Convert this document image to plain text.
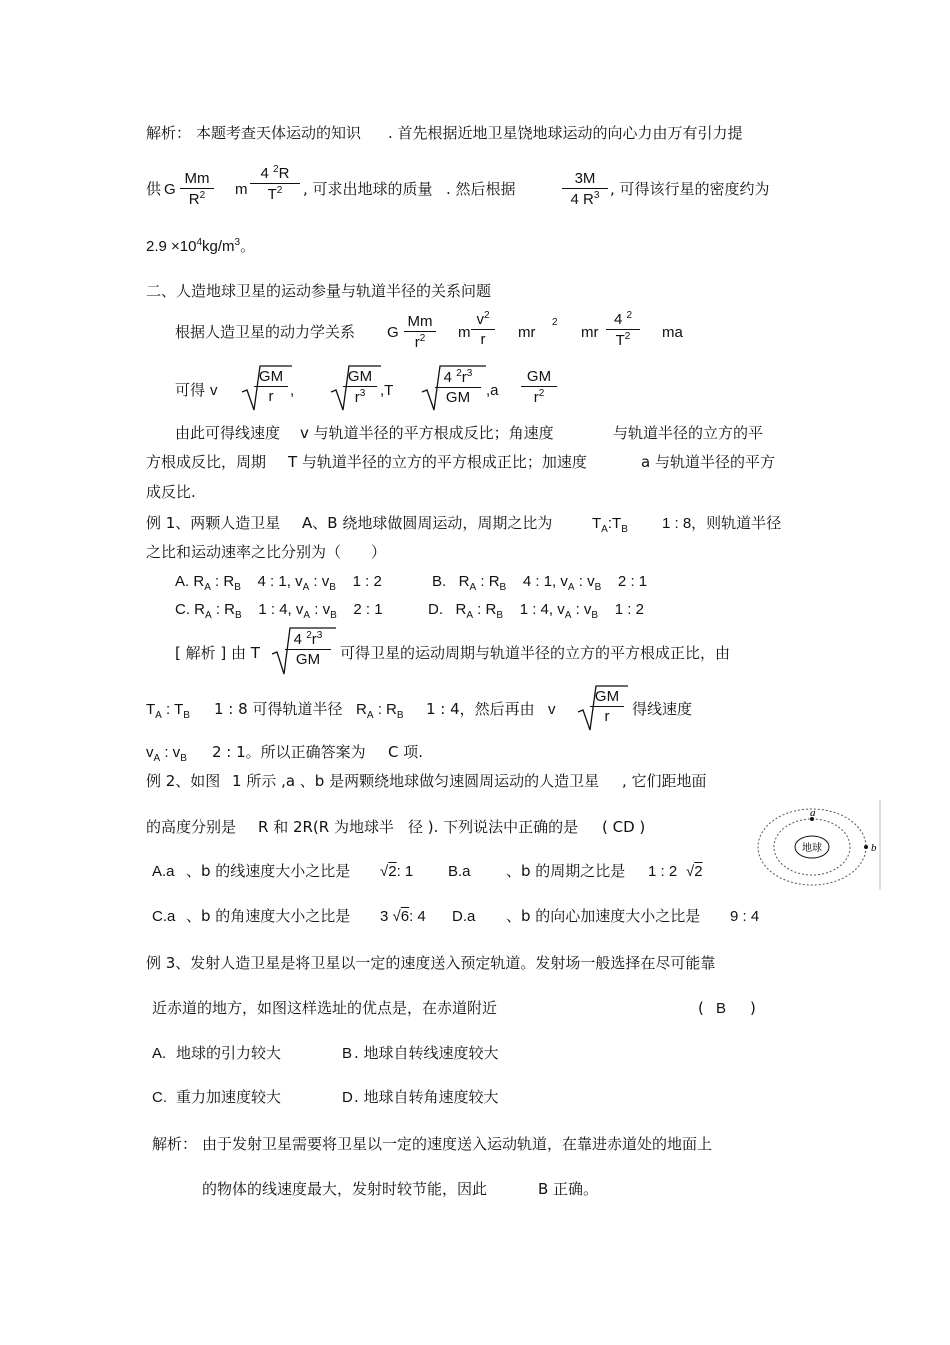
解析： 本题考查天体运动的知识 . 首先根据近地卫星饶地球运动的向心力由万有引力提
供 G $\frac{Mm}{R^2}$ m $\frac{4 ^2R}{T^2}$ , 可求出地球的质量 . 然后根据	$\frac{3M}{4 R^3}$ , 可得该行星的密度约为
$2.9 \times 10^4kg/m^3$。
二、人造地球卫星的运动参量与轨道半径的关系问题
根据人造卫星的动力学关系 G $\frac{Mm}{r^2}$ m $\frac{v^2}{r}$ mr
2
mr $\frac{4 ^2}{T^2}$ ma
可得 v $\frac{GM}{r}$ ,	$\frac{GM}{r^3} ,T$	$\frac{4 ^2r^3}{GM} ,a \frac{GM}{r^2}$
由此可得线速度 v 与轨道半径的平方根成反比；角速度	与轨道半径的立方的平
方根成反比，周期 T 与轨道半径的立方的平方根成正比；加速度	a 与轨道半径的平方
成反比.
例 1、两颗人造卫星 A、B 绕地球做圆周运动，周期之比为	$T_A:T_B$ 1 : 8，则轨道半径
之比和运动速率之比分别为（　　）
A. $R_A$ : $R_B$    4 : 1, $v_A$ : $v_B$    1 : 2	B.   $R_A$ : $R_B$    4 : 1, $v_A$ : $v_B$    2 : 1
C. $R_A$ : $R_B$    1 : 4, $v_A$ : $v_B$    2 : 1	D.   $R_A$ : $R_B$    1 : 4, $v_A$ : $v_B$    1 : 2
[ 解析 ] 由 T $\frac{4 ^2r^3}{GM}$ 可得卫星的运动周期与轨道半径的立方的平方根成正比，由
$T_A$ : $T_B$ 1 : 8 可得轨道半径 $R_A$ : $R_B$ 1 : 4，然后再由 v $\frac{GM}{r}$ 得线速度
$v_A$ : $v_B$ 2 : 1。所以正确答案为 C 项.
例 2、如图 1 所示 ,a 、b 是两颗绕地球做匀速圆周运动的人造卫星 , 它们距地面
的高度分别是 R 和 2R(R 为地球半 径 ). 下列说法中正确的是 ( CD )
地球
a
b
A.a 、b 的线速度大小之比是 √2: 1 B.a 、b 的周期之比是 1 : 2 √2
C.a 、b 的角速度大小之比是 3 √6: 4 D.a 、b 的向心加速度大小之比是 9 : 4
例 3、发射人造卫星是将卫星以一定的速度送入预定轨道。发射场一般选择在尽可能靠
近赤道的地方，如图这样选址的优点是，在赤道附近	( B )
A. 地球的引力较大	B . 地球自转线速度较大
C. 重力加速度较大	D . 地球自转角速度较大
解析： 由于发射卫星需要将卫星以一定的速度送入运动轨道，在靠进赤道处的地面上
的物体的线速度最大，发射时较节能，因此	B 正确。
